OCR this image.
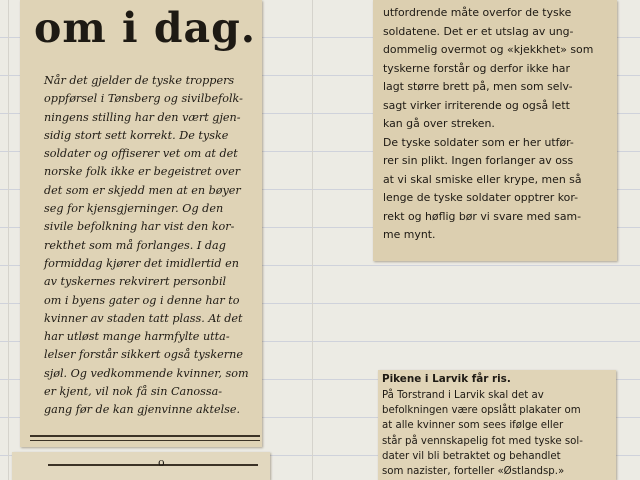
om i dag.
Når det gjelder de tyske troppers
oppførsel i Tønsberg og sivilbefolk-
ningens stilling har den vært gjen-
sidig stort sett korrekt. De tyske
soldater og offiserer vet om at det
norske folk ikke er begeistret over
det som er skjedd men at en bøyer
seg for kjensgjerninger. Og den
sivile befolkning har vist den kor-
rekthet som må forlanges. I dag
formiddag kjører det imidlertid en
av tyskernes rekvirert personbil
om i byens gater og i denne har to
kvinner av staden tatt plass. At det
har utløst mange harmfylte utta-
lelser forstår sikkert også tyskerne
sjøl. Og vedkommende kvinner, som
er kjent, vil nok få sin Canossa-
gang før de kan gjenvinne aktelse.
o
utfordrende måte overfor de tyske
soldatene. Det er et utslag av ung-
dommelig overmot og «kjekkhet» som
tyskerne forstår og derfor ikke har
lagt større brett på, men som selv-
sagt virker irriterende og også lett
kan gå over streken.
De tyske soldater som er her utfør-
rer sin plikt. Ingen forlanger av oss
at vi skal smiske eller krype, men så
lenge de tyske soldater opptrer kor-
rekt og høflig bør vi svare med sam-
me mynt.
Pikene i Larvik får ris.
På Torstrand i Larvik skal det av
befolkningen være opslått plakater om
at alle kvinner som sees ifølge eller
står på vennskapelig fot med tyske sol-
dater vil bli betraktet og behandlet
som nazister, forteller «Østlandsp.»
